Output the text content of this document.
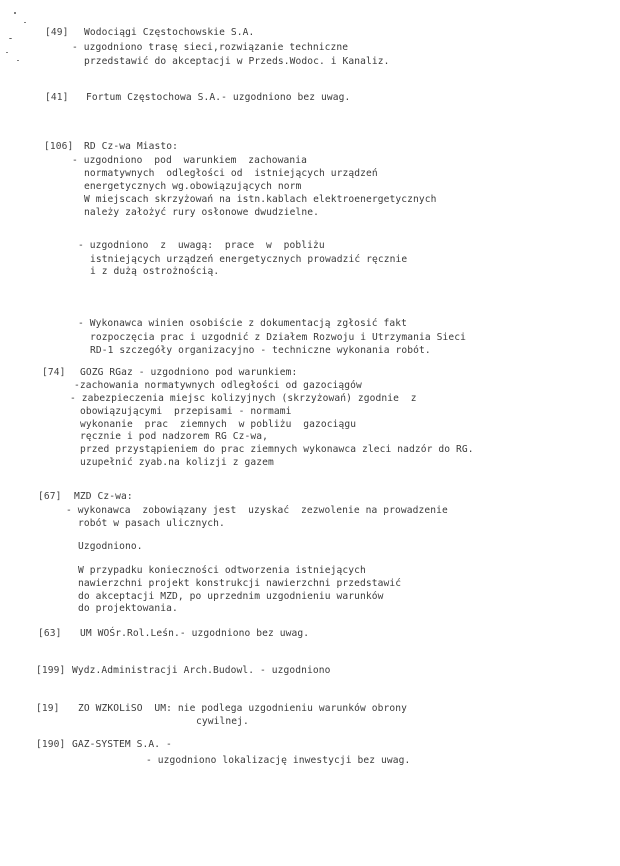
[49] Wodociągi Częstochowskie S.A.
- uzgodniono trasę sieci,rozwiązanie techniczne
przedstawić do akceptacji w Przeds.Wodoc. i Kanaliz.
[41] Fortum Częstochowa S.A.- uzgodniono bez uwag.
[106] RD Cz-wa Miasto:
- uzgodniono  pod  warunkiem  zachowania
normatywnych  odległości od  istniejących urządzeń
energetycznych wg.obowiązujących norm
W miejscach skrzyżowań na istn.kablach elektroenergetycznych
należy założyć rury osłonowe dwudzielne.
- uzgodniono  z  uwagą:  prace  w  pobliżu
istniejących urządzeń energetycznych prowadzić ręcznie
i z dużą ostrożnością.
- Wykonawca winien osobiście z dokumentacją zgłosić fakt
rozpoczęcia prac i uzgodnić z Działem Rozwoju i Utrzymania Sieci
RD-1 szczegóły organizacyjno - techniczne wykonania robót.
[74] GOZG RGaz - uzgodniono pod warunkiem:
-zachowania normatywnych odległości od gazociągów
- zabezpieczenia miejsc kolizyjnych (skrzyżowań) zgodnie  z
obowiązującymi  przepisami - normami
wykonanie  prac  ziemnych  w pobliżu  gazociągu
ręcznie i pod nadzorem RG Cz-wa,
przed przystąpieniem do prac ziemnych wykonawca zleci nadzór do RG.
uzupełnić zyab.na kolizji z gazem
[67] MZD Cz-wa:
- wykonawca  zobowiązany jest  uzyskać  zezwolenie na prowadzenie
robót w pasach ulicznych.
Uzgodniono.
W przypadku konieczności odtworzenia istniejących
nawierzchni projekt konstrukcji nawierzchni przedstawić
do akceptacji MZD, po uprzednim uzgodnieniu warunków
do projektowania.
[63] UM WOŚr.Rol.Leśn.- uzgodniono bez uwag.
[199] Wydz.Administracji Arch.Budowl. - uzgodniono
[19] ZO WZKOLiSO  UM: nie podlega uzgodnieniu warunków obrony
cywilnej.
[190] GAZ-SYSTEM S.A. -
- uzgodniono lokalizację inwestycji bez uwag.
